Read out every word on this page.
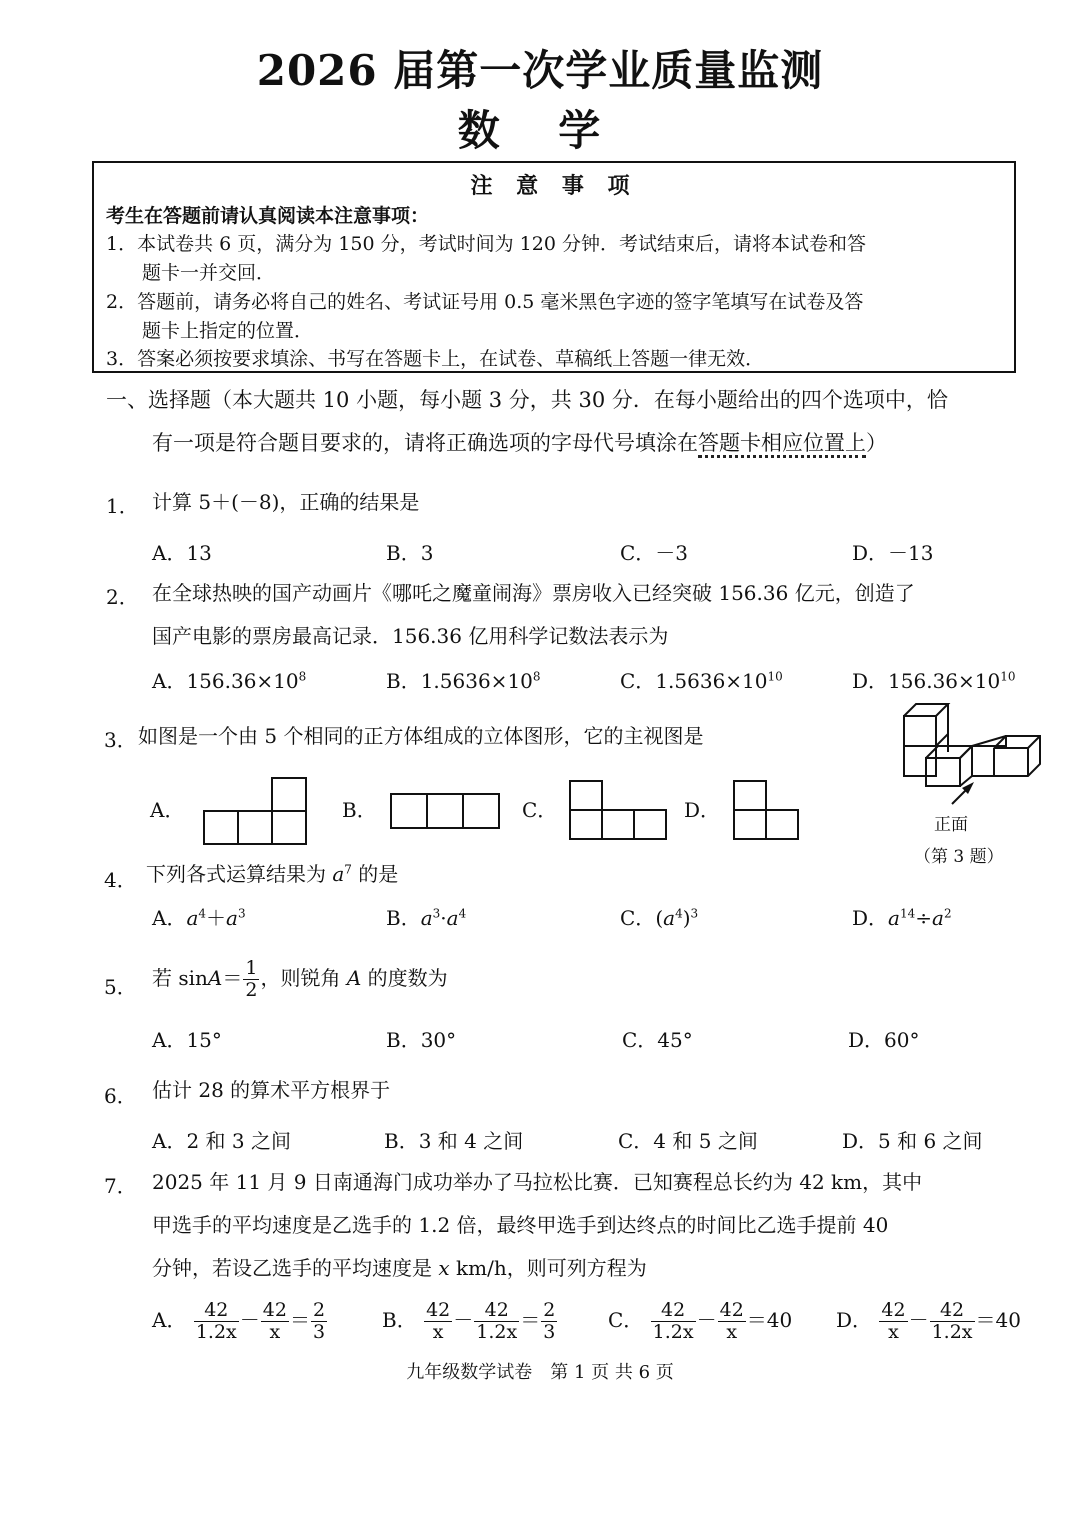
2026 届第一次学业质量监测
数 学
注 意 事 项
考生在答题前请认真阅读本注意事项：
1．本试卷共 6 页，满分为 150 分，考试时间为 120 分钟．考试结束后，请将本试卷和答
题卡一并交回．
2．答题前，请务必将自己的姓名、考试证号用 0.5 毫米黑色字迹的签字笔填写在试卷及答
题卡上指定的位置．
3．答案必须按要求填涂、书写在答题卡上，在试卷、草稿纸上答题一律无效．
一、选择题（本大题共 10 小题，每小题 3 分，共 30 分．在每小题给出的四个选项中，恰
有一项是符合题目要求的，请将正确选项的字母代号填涂在答题卡相应位置上）
1． 计算 5＋(－8)，正确的结果是
A．13	B．3	C．－3	D．－13
2． 在全球热映的国产动画片《哪吒之魔童闹海》票房收入已经突破 156.36 亿元，创造了
国产电影的票房最高记录．156.36 亿用科学记数法表示为
A．$156.36\times 10^8$	B．$1.5636\times 10^8$	C．$1.5636\times 10^{10}$	D．$156.36\times 10^{10}$
3． 如图是一个由 5 个相同的正方体组成的立体图形，它的主视图是
A．	B．	C．	D．
正面
（第 3 题）
4． 下列各式运算结果为 $a^7$ 的是
A．$a^4+a^3$	B．$a^3\cdot a^4$	C．$(a^4)^3$	D．$a^{14}\div a^2$
5． 若 $\sin A= \frac{1}{2}$ ，则锐角 A 的度数为
A．15°	B．30°	C．45°	D．60°
6． 估计 28 的算术平方根界于
A．2 和 3 之间	B．3 和 4 之间	C．4 和 5 之间	D．5 和 6 之间
7． 2025 年 11 月 9 日南通海门成功举办了马拉松比赛．已知赛程总长约为 42 km，其中
甲选手的平均速度是乙选手的 1.2 倍，最终甲选手到达终点的时间比乙选手提前 40
分钟，若设乙选手的平均速度是 x km/h，则可列方程为
A． $\frac{42}{1.2x} - \frac{42}{x} = \frac{2}{3}$	B． $\frac{42}{x} - \frac{42}{1.2x} = \frac{2}{3}$	C． $\frac{42}{1.2x} - \frac{42}{x} =40$ D． $\frac{42}{x} - \frac{42}{1.2x} =40$
九年级数学试卷　第 1 页 共 6 页
